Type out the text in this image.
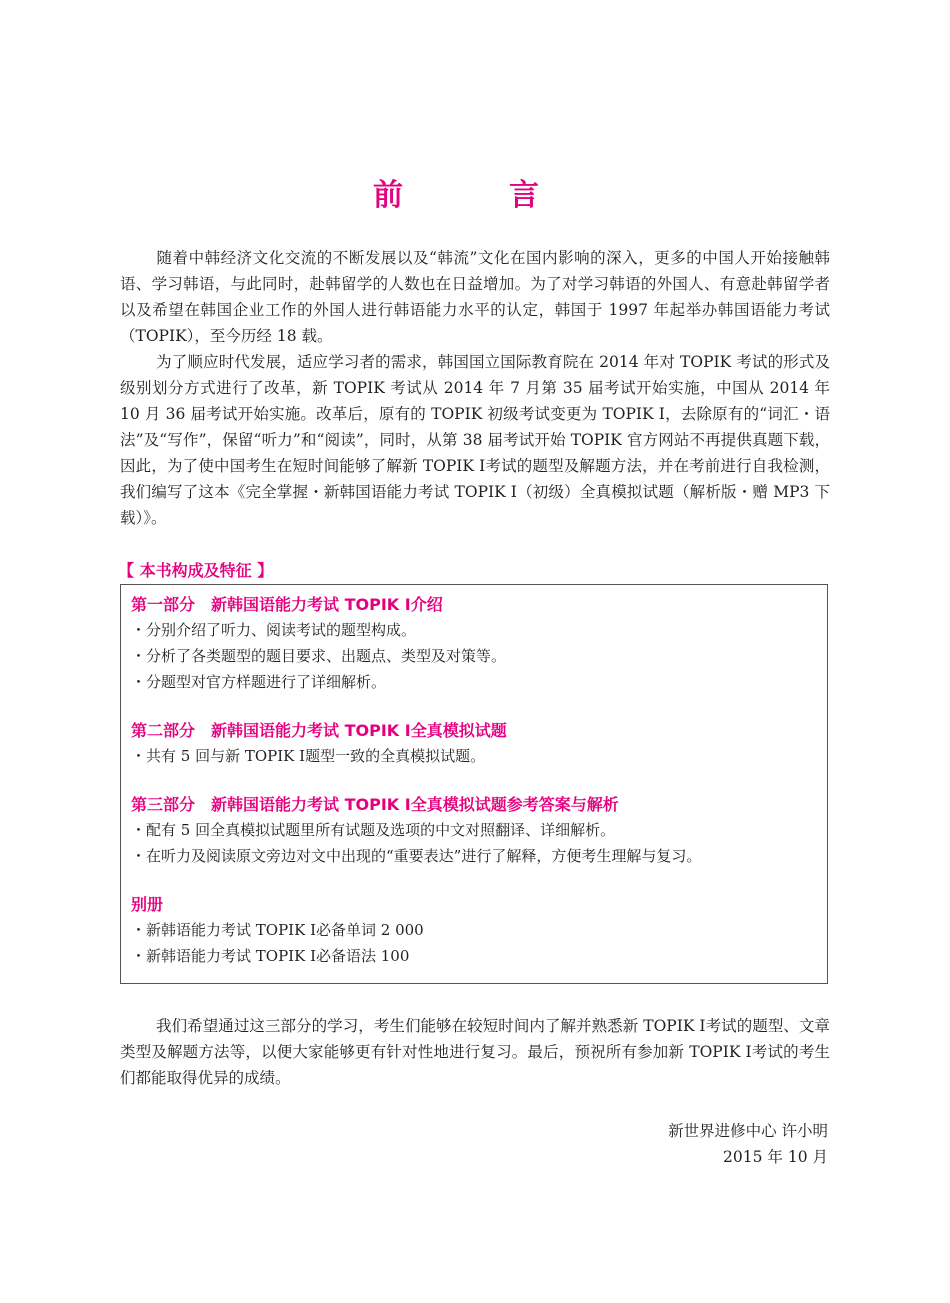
前　言

随着中韩经济文化交流的不断发展以及“韩流”文化在国内影响的深入，更多的中国人开始接触韩语、学习韩语，与此同时，赴韩留学的人数也在日益增加。为了对学习韩语的外国人、有意赴韩留学者以及希望在韩国企业工作的外国人进行韩语能力水平的认定，韩国于 1997 年起举办韩国语能力考试（TOPIK），至今历经 18 载。

为了顺应时代发展，适应学习者的需求，韩国国立国际教育院在 2014 年对 TOPIK 考试的形式及级别划分方式进行了改革，新 TOPIK 考试从 2014 年 7 月第 35 届考试开始实施，中国从 2014 年 10 月 36 届考试开始实施。改革后，原有的 TOPIK 初级考试变更为 TOPIK Ⅰ，去除原有的“词汇・语法”及“写作”，保留“听力”和“阅读”，同时，从第 38 届考试开始 TOPIK 官方网站不再提供真题下载，因此，为了使中国考生在短时间能够了解新 TOPIK Ⅰ考试的题型及解题方法，并在考前进行自我检测，我们编写了这本《完全掌握・新韩国语能力考试 TOPIK Ⅰ（初级）全真模拟试题（解析版・赠 MP3 下载）》。

【 本书构成及特征 】
第一部分　新韩国语能力考试 TOPIK Ⅰ介绍
・分别介绍了听力、阅读考试的题型构成。
・分析了各类题型的题目要求、出题点、类型及对策等。
・分题型对官方样题进行了详细解析。
第二部分　新韩国语能力考试 TOPIK Ⅰ全真模拟试题
・共有 5 回与新 TOPIK Ⅰ题型一致的全真模拟试题。
第三部分　新韩国语能力考试 TOPIK Ⅰ全真模拟试题参考答案与解析
・配有 5 回全真模拟试题里所有试题及选项的中文对照翻译、详细解析。
・在听力及阅读原文旁边对文中出现的“重要表达”进行了解释，方便考生理解与复习。
别册
・新韩语能力考试 TOPIK Ⅰ必备单词 2 000
・新韩语能力考试 TOPIK Ⅰ必备语法 100

我们希望通过这三部分的学习，考生们能够在较短时间内了解并熟悉新 TOPIK Ⅰ考试的题型、文章类型及解题方法等，以便大家能够更有针对性地进行复习。最后，预祝所有参加新 TOPIK Ⅰ考试的考生们都能取得优异的成绩。

新世界进修中心 许小明
2015 年 10 月
